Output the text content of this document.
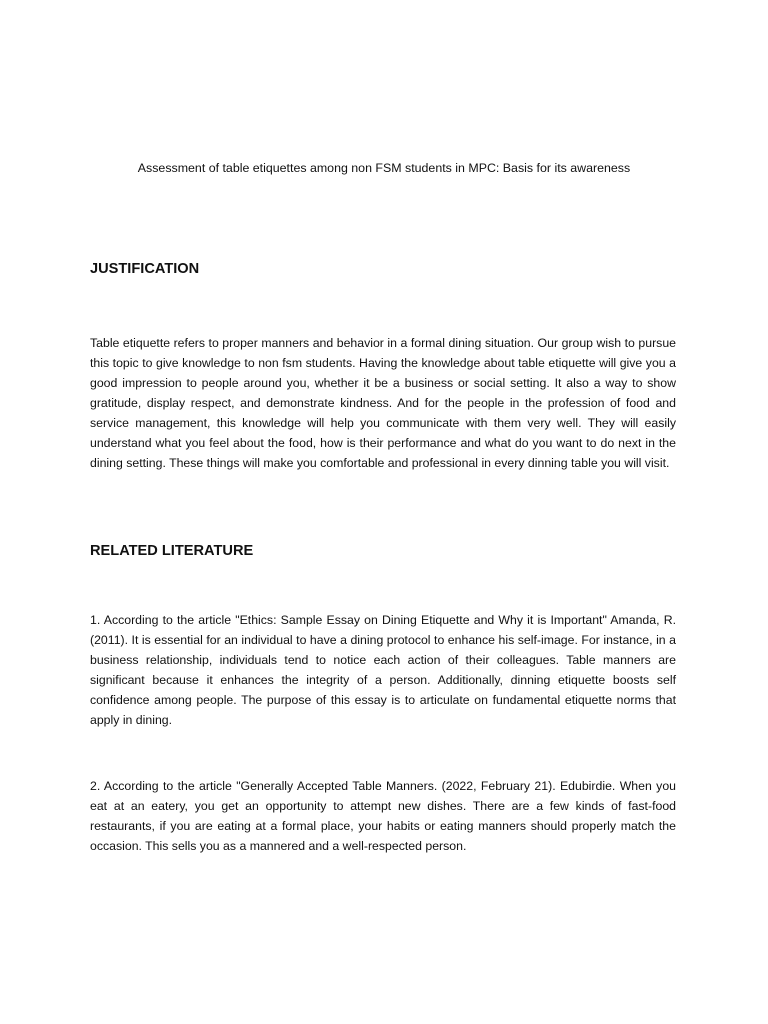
Assessment of table etiquettes among non FSM students in MPC: Basis for its awareness
JUSTIFICATION

Table etiquette refers to proper manners and behavior in a formal dining situation. Our group wish to pursue this topic to give knowledge to non fsm students. Having the knowledge about table etiquette will give you a good impression to people around you, whether it be a business or social setting. It also a way to show gratitude, display respect, and demonstrate kindness. And for the people in the profession of food and service management, this knowledge will help you communicate with them very well. They will easily understand what you feel about the food, how is their performance and what do you want to do next in the dining setting. These things will make you comfortable and professional in every dinning table you will visit.

RELATED LITERATURE

1. According to the article "Ethics: Sample Essay on Dining Etiquette and Why it is Important" Amanda, R. (2011). It is essential for an individual to have a dining protocol to enhance his self-image. For instance, in a business relationship, individuals tend to notice each action of their colleagues. Table manners are significant because it enhances the integrity of a person. Additionally, dinning etiquette boosts self confidence among people. The purpose of this essay is to articulate on fundamental etiquette norms that apply in dining.

2. According to the article "Generally Accepted Table Manners. (2022, February 21). Edubirdie. When you eat at an eatery, you get an opportunity to attempt new dishes. There are a few kinds of fast-food restaurants, if you are eating at a formal place, your habits or eating manners should properly match the occasion. This sells you as a mannered and a well-respected person.
